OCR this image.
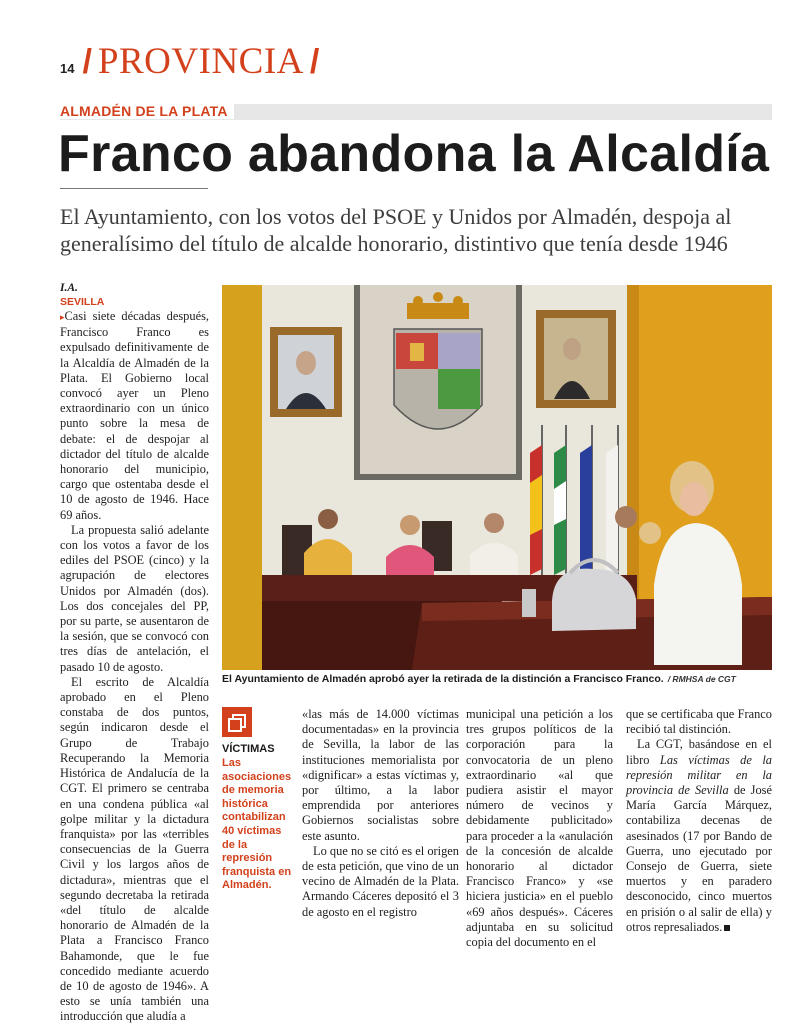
14 / PROVINCIA /
ALMADÉN DE LA PLATA
Franco abandona la Alcaldía
El Ayuntamiento, con los votos del PSOE y Unidos por Almadén, despoja al generalísimo del título de alcalde honorario, distintivo que tenía desde 1946
I.A.
SEVILLA

▸Casi siete décadas después, Francisco Franco es expulsado definitivamente de la Alcaldía de Almadén de la Plata. El Gobierno local convocó ayer un Pleno extraordinario con un único punto sobre la mesa de debate: el de despojar al dictador del título de alcalde honorario del municipio, cargo que ostentaba desde el 10 de agosto de 1946. Hace 69 años.

La propuesta salió adelante con los votos a favor de los ediles del PSOE (cinco) y la agrupación de electores Unidos por Almadén (dos). Los dos concejales del PP, por su parte, se ausentaron de la sesión, que se convocó con tres días de antelación, el pasado 10 de agosto.

El escrito de Alcaldía aprobado en el Pleno constaba de dos puntos, según indicaron desde el Grupo de Trabajo Recuperando la Memoria Histórica de Andalucía de la CGT. El primero se centraba en una condena pública «al golpe militar y la dictadura franquista» por las «terribles consecuencias de la Guerra Civil y los largos años de dictadura», mientras que el segundo decretaba la retirada «del título de alcalde honorario de Almadén de la Plata a Francisco Franco Bahamonde, que le fue concedido mediante acuerdo de 10 de agosto de 1946». A esto se unía también una introducción que aludía a

El Ayuntamiento de Almadén aprobó ayer la retirada de la distinción a Francisco Franco. / RMHSA de CGT
VÍCTIMAS
Las asociaciones de memoria histórica contabilizan 40 víctimas de la represión franquista en Almadén.

«las más de 14.000 víctimas documentadas» en la provincia de Sevilla, la labor de las instituciones memorialista por «dignificar» a estas víctimas y, por último, a la labor emprendida por anteriores Gobiernos socialistas sobre este asunto.

Lo que no se citó es el origen de esta petición, que vino de un vecino de Almadén de la Plata. Armando Cáceres depositó el 3 de agosto en el registro

municipal una petición a los tres grupos políticos de la corporación para la convocatoria de un pleno extraordinario «al que pudiera asistir el mayor número de vecinos y debidamente publicitado» para proceder a la «anulación de la concesión de alcalde honorario al dictador Francisco Franco» y «se hiciera justicia» en el pueblo «69 años después». Cáceres adjuntaba en su solicitud copia del documento en el

que se certificaba que Franco recibió tal distinción.

La CGT, basándose en el libro Las víctimas de la represión militar en la provincia de Sevilla de José María García Márquez, contabiliza decenas de asesinados (17 por Bando de Guerra, uno ejecutado por Consejo de Guerra, siete muertos y en paradero desconocido, cinco muertos en prisión o al salir de ella) y otros represaliados.
